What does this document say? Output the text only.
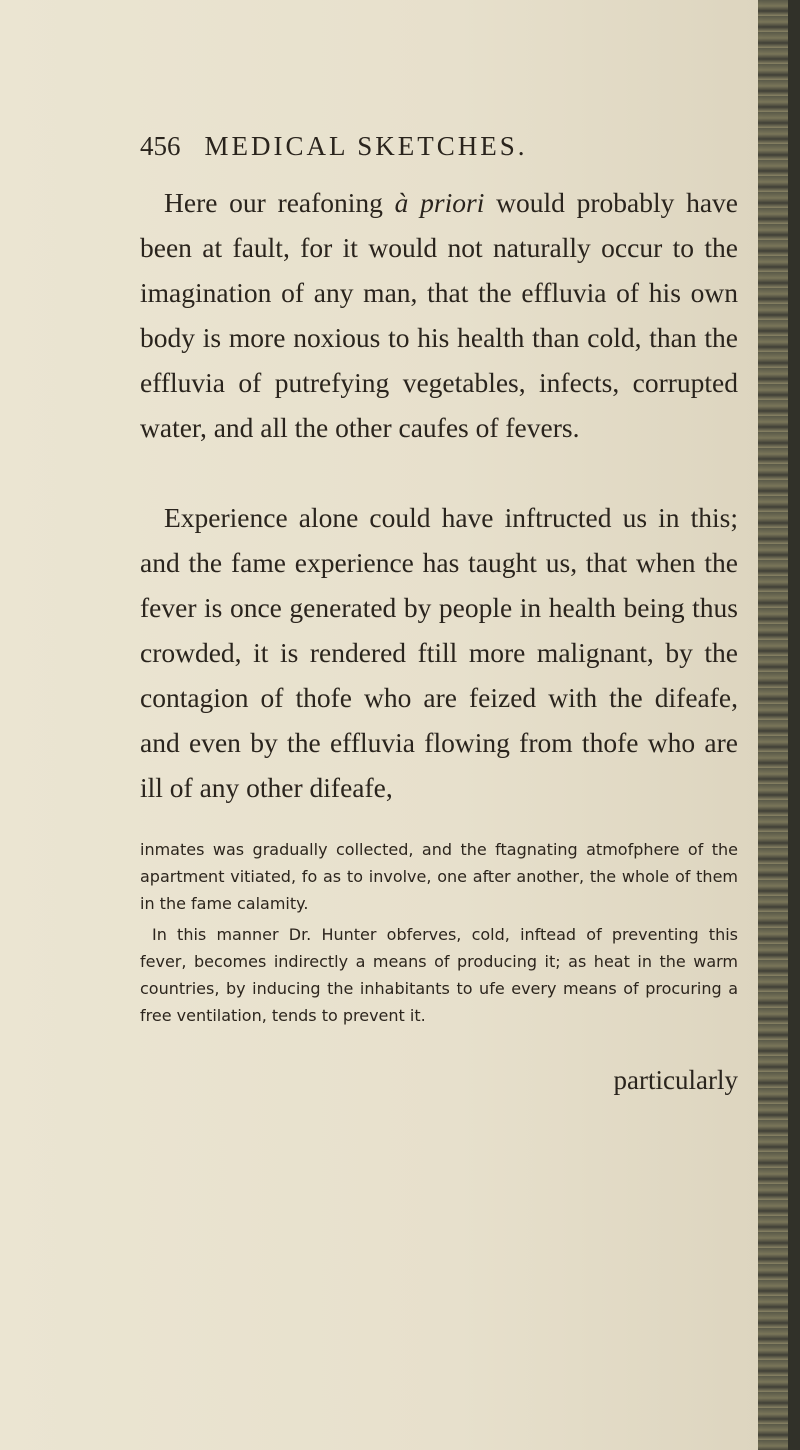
456 MEDICAL SKETCHES.

Here our reafoning à priori would probably have been at fault, for it would not naturally occur to the imagination of any man, that the effluvia of his own body is more noxious to his health than cold, than the effluvia of putrefying vegetables, infects, corrupted water, and all the other caufes of fevers.

Experience alone could have inftructed us in this; and the fame experience has taught us, that when the fever is once generated by people in health being thus crowded, it is rendered ftill more malignant, by the contagion of thofe who are feized with the difeafe, and even by the effluvia flowing from thofe who are ill of any other difeafe,

inmates was gradually collected, and the ftagnating atmofphere of the apartment vitiated, fo as to involve, one after another, the whole of them in the fame calamity.

In this manner Dr. Hunter obferves, cold, inftead of preventing this fever, becomes indirectly a means of producing it; as heat in the warm countries, by inducing the inhabitants to ufe every means of procuring a free ventilation, tends to prevent it.

particularly
